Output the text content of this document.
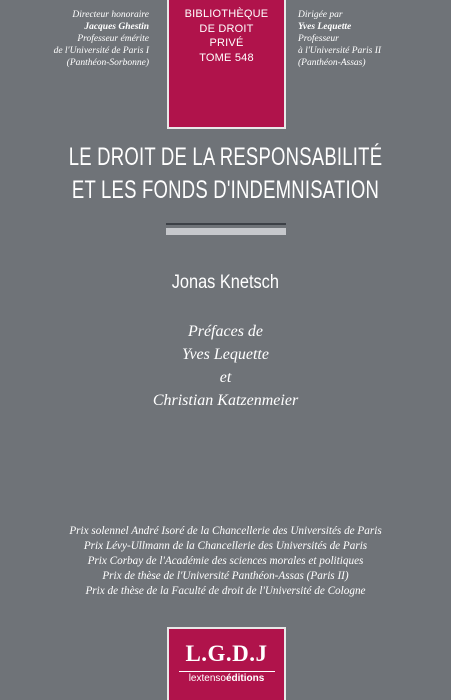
Directeur honoraire
Jacques Ghestin
Professeur émérite
de l'Université de Paris I
(Panthéon-Sorbonne)
BIBLIOTHÈQUE
DE DROIT
PRIVÉ
TOME 548
Dirigée par
Yves Lequette
Professeur
à l'Université Paris II
(Panthéon-Assas)
LE DROIT DE LA RESPONSABILITÉ
ET LES FONDS D'INDEMNISATION
Jonas Knetsch
Préfaces de
Yves Lequette
et
Christian Katzenmeier
Prix solennel André Isoré de la Chancellerie des Universités de Paris
Prix Lévy-Ullmann de la Chancellerie des Universités de Paris
Prix Corbay de l'Académie des sciences morales et politiques
Prix de thèse de l'Université Panthéon-Assas (Paris II)
Prix de thèse de la Faculté de droit de l'Université de Cologne
L.G.D.J
lextensoéditions
